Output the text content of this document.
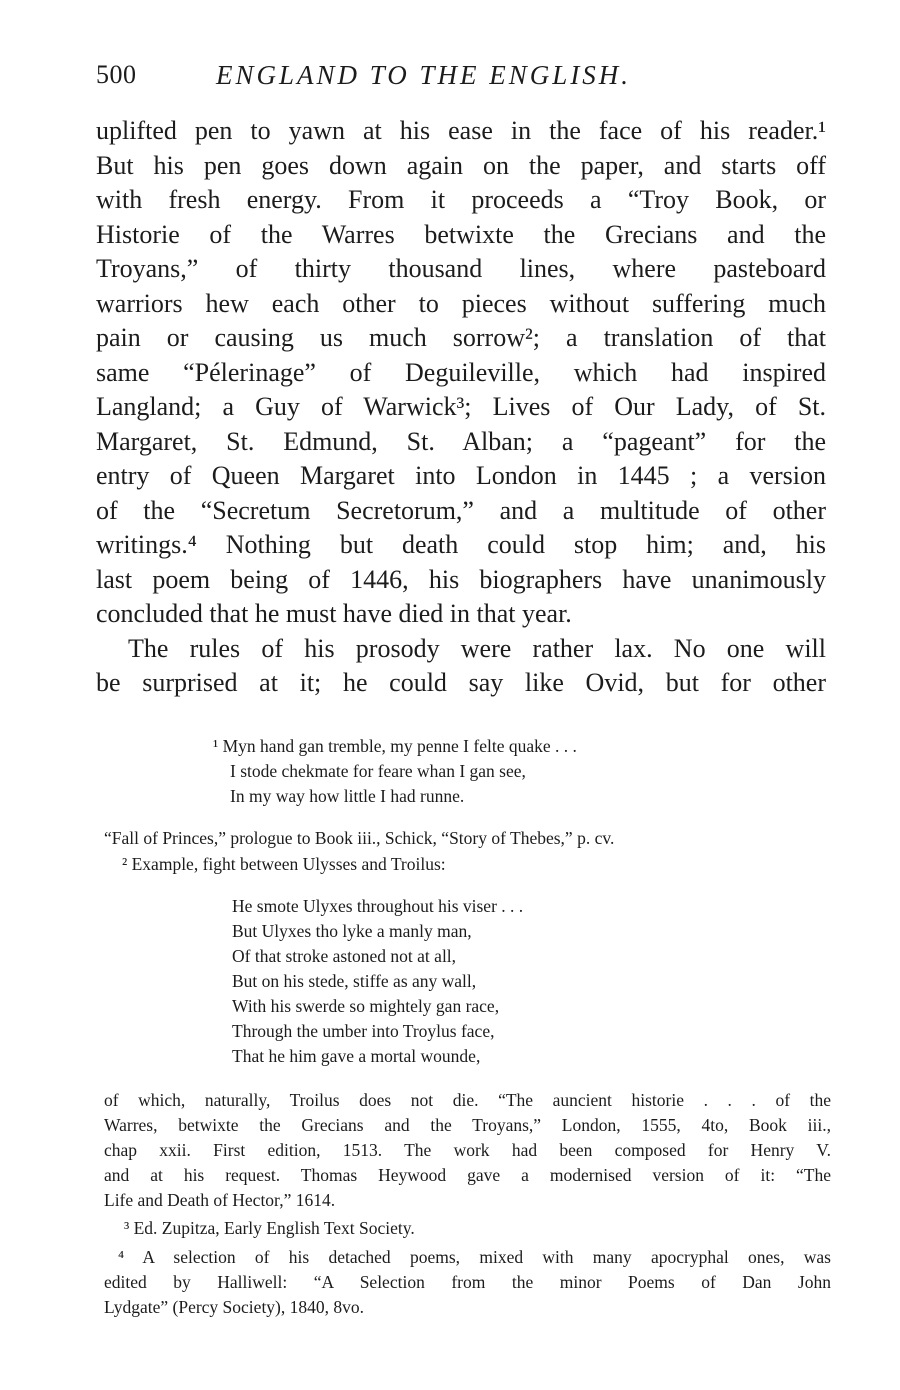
500	ENGLAND TO THE ENGLISH.
uplifted pen to yawn at his ease in the face of his reader.¹
But his pen goes down again on the paper, and starts off
with fresh energy. From it proceeds a “Troy Book, or
Historie of the Warres betwixte the Grecians and the
Troyans,” of thirty thousand lines, where pasteboard
warriors hew each other to pieces without suffering much
pain or causing us much sorrow²; a translation of that
same “Pélerinage” of Deguileville, which had inspired
Langland; a Guy of Warwick³; Lives of Our Lady, of St.
Margaret, St. Edmund, St. Alban; a “pageant” for the
entry of Queen Margaret into London in 1445 ; a version
of the “Secretum Secretorum,” and a multitude of other
writings.⁴ Nothing but death could stop him; and, his
last poem being of 1446, his biographers have unanimously
concluded that he must have died in that year.
The rules of his prosody were rather lax. No one will
be surprised at it; he could say like Ovid, but for other
¹ Myn hand gan tremble, my penne I felte quake . . .
I stode chekmate for feare whan I gan see,
In my way how little I had runne.
“Fall of Princes,” prologue to Book iii., Schick, “Story of Thebes,” p. cv.
² Example, fight between Ulysses and Troilus:
He smote Ulyxes throughout his viser . . .
But Ulyxes tho lyke a manly man,
Of that stroke astoned not at all,
But on his stede, stiffe as any wall,
With his swerde so mightely gan race,
Through the umber into Troylus face,
That he him gave a mortal wounde,
of which, naturally, Troilus does not die. “The auncient historie . . . of the
Warres, betwixte the Grecians and the Troyans,” London, 1555, 4to, Book iii.,
chap xxii. First edition, 1513. The work had been composed for Henry V.
and at his request. Thomas Heywood gave a modernised version of it: “The
Life and Death of Hector,” 1614.
³ Ed. Zupitza, Early English Text Society.
⁴ A selection of his detached poems, mixed with many apocryphal ones, was
edited by Halliwell: “A Selection from the minor Poems of Dan John
Lydgate” (Percy Society), 1840, 8vo.
